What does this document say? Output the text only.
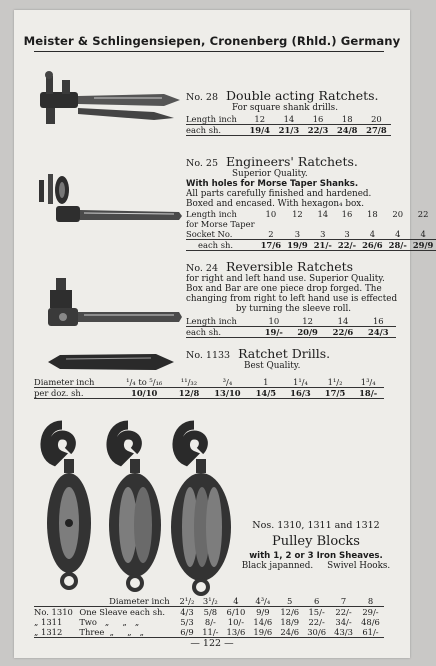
Meister & Schlingensiepen, Cronenberg (Rhld.) Germany
No. 28 Double acting Ratchets.
For square shank drills.
Length inch	12	14	16	18	20
each sh.	19/4	21/3	22/3	24/8	27/8
No. 25 Engineers' Ratchets.
Superior Quality.
With holes for Morse Taper Shanks.
All parts carefully finished and hardened.
Boxed and encased. With hexagon₄ box.
Length inch	10	12	14	16	18	20	22
for Morse Taper							
Socket No.	2	3	3	3	4	4	4
each sh.	17/6	19/9	21/-	22/-	26/6	28/-	29/9
No. 24 Reversible Ratchets
for right and left hand use. Superior Quality.
Box and Bar are one piece drop forged. The
changing from right to left hand use is effected
by turning the sleeve roll.
Length inch	10	12	14	16
each sh.	19/-	20/9	22/6	24/3
No. 1133 Ratchet Drills.
Best Quality.
Diameter inch	¹/₄ to ⁵/₁₆	¹¹/₃₂	³/₄	1	1¹/₄	1¹/₂	1³/₄
per doz. sh.	10/10	12/8	13/10	14/5	16/3	17/5	18/-
Nos. 1310, 1311 and 1312
Pulley Blocks
with 1, 2 or 3 Iron Sheaves.
Black japanned.     Swivel Hooks.
Diameter inch		2¹/₂	3¹/₂	4	4³/₄	5	6	7	8
No. 1310	One Sleave each sh.	4/3	5/8	6/10	9/9	12/6	15/-	22/-	29/-
„ 1311	Two   „     „   „	5/3	8/-	10/-	14/6	18/9	22/-	34/-	48/6
„ 1312	Three  „     „   „	6/9	11/-	13/6	19/6	24/6	30/6	43/3	61/-
— 122 —
